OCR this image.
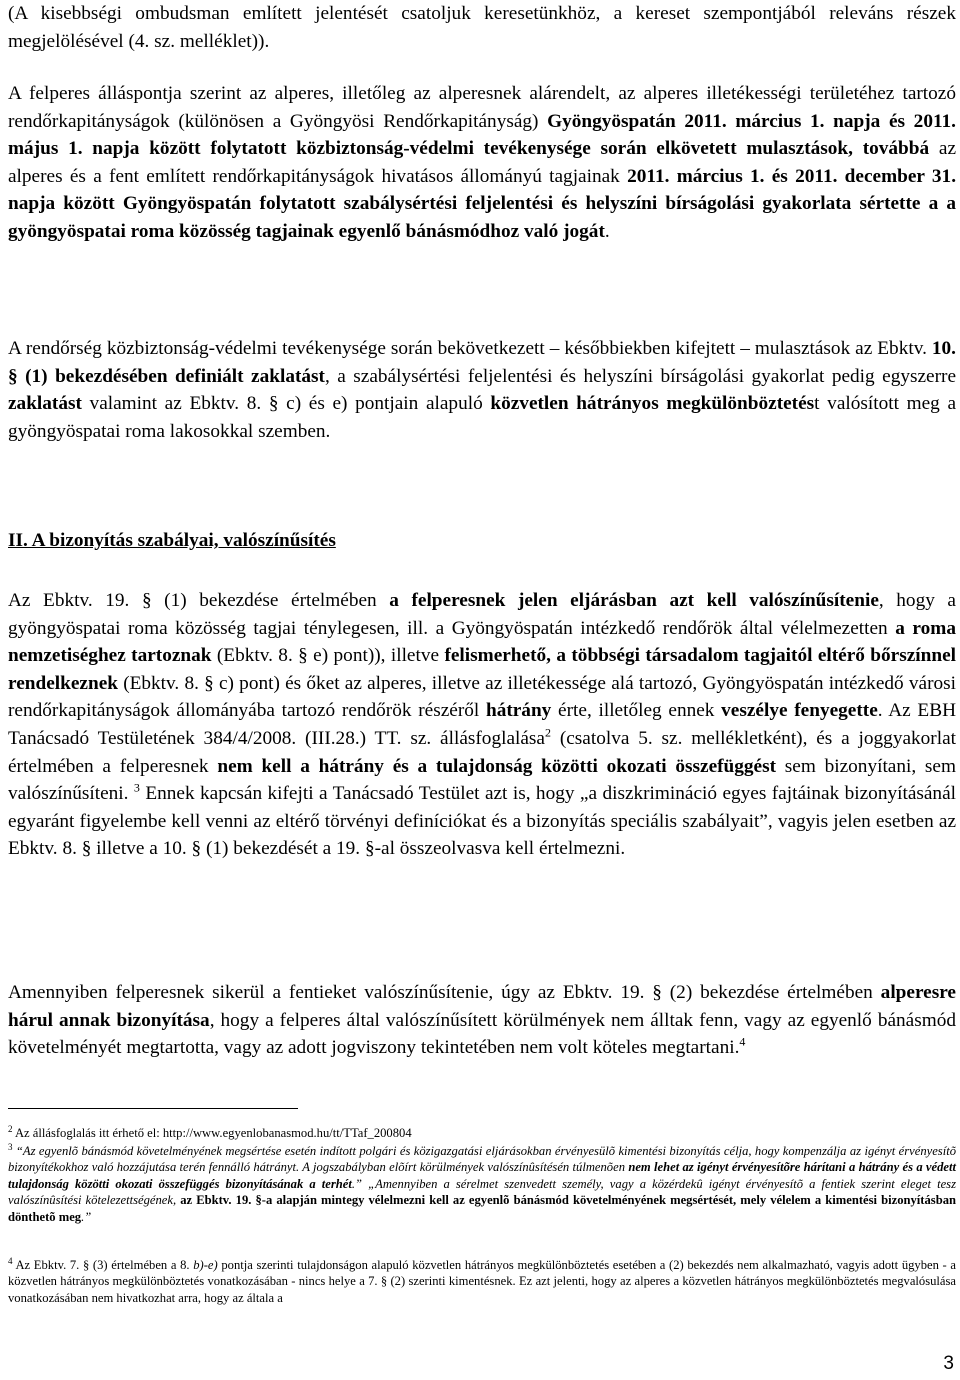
(A kisebbségi ombudsman említett jelentését csatoljuk keresetünkhöz, a kereset szempontjából releváns részek megjelölésével (4. sz. melléklet)).

A felperes álláspontja szerint az alperes, illetőleg az alperesnek alárendelt, az alperes illetékességi területéhez tartozó rendőrkapitányságok (különösen a Gyöngyösi Rendőrkapitányság) Gyöngyöspatán 2011. március 1. napja és 2011. május 1. napja között folytatott közbiztonság-védelmi tevékenysége során elkövetett mulasztások, továbbá az alperes és a fent említett rendőrkapitányságok hivatásos állományú tagjainak 2011. március 1. és 2011. december 31. napja között Gyöngyöspatán folytatott szabálysértési feljelentési és helyszíni bírságolási gyakorlata sértette a a gyöngyöspatai roma közösség tagjainak egyenlő bánásmódhoz való jogát.

A rendőrség közbiztonság-védelmi tevékenysége során bekövetkezett – későbbiekben kifejtett – mulasztások az Ebktv. 10. § (1) bekezdésében definiált zaklatást, a szabálysértési feljelentési és helyszíni bírságolási gyakorlat pedig egyszerre zaklatást valamint az Ebktv. 8. § c) és e) pontjain alapuló közvetlen hátrányos megkülönböztetést valósított meg a gyöngyöspatai roma lakosokkal szemben.

II. A bizonyítás szabályai, valószínűsítés

Az Ebktv. 19. § (1) bekezdése értelmében a felperesnek jelen eljárásban azt kell valószínűsítenie, hogy a gyöngyöspatai roma közösség tagjai ténylegesen, ill. a Gyöngyöspatán intézkedő rendőrök által vélelmezetten a roma nemzetiséghez tartoznak (Ebktv. 8. § e) pont)), illetve felismerhető, a többségi társadalom tagjaitól eltérő bőrszínnel rendelkeznek (Ebktv. 8. § c) pont) és őket az alperes, illetve az illetékessége alá tartozó, Gyöngyöspatán intézkedő városi rendőrkapitányságok állományába tartozó rendőrök részéről hátrány érte, illetőleg ennek veszélye fenyegette. Az EBH Tanácsadó Testületének 384/4/2008. (III.28.) TT. sz. állásfoglalása$^2$ (csatolva 5. sz. mellékletként), és a joggyakorlat értelmében a felperesnek nem kell a hátrány és a tulajdonság közötti okozati összefüggést sem bizonyítani, sem valószínűsíteni. $^3$ Ennek kapcsán kifejti a Tanácsadó Testület azt is, hogy „a diszkrimináció egyes fajtáinak bizonyításánál egyaránt figyelembe kell venni az eltérő törvényi definíciókat és a bizonyítás speciális szabályait”, vagyis jelen esetben az Ebktv. 8. § illetve a 10. § (1) bekezdését a 19. §-al összeolvasva kell értelmezni.

Amennyiben felperesnek sikerül a fentieket valószínűsítenie, úgy az Ebktv. 19. § (2) bekezdése értelmében alperesre hárul annak bizonyítása, hogy a felperes által valószínűsített körülmények nem álltak fenn, vagy az egyenlő bánásmód követelményét megtartotta, vagy az adott jogviszony tekintetében nem volt köteles megtartani.$^4$

$^2$ Az állásfoglalás itt érhető el: http://www.egyenlobanasmod.hu/tt/TTaf_200804

$^3$ “Az egyenlõ bánásmód követelményének megsértése esetén indított polgári és közigazgatási eljárásokban érvényesülõ kimentési bizonyítás célja, hogy kompenzálja az igényt érvényesítõ bizonyítékokhoz való hozzájutása terén fennálló hátrányt. A jogszabályban elõírt körülmények valószínûsítésén túlmenõen nem lehet az igényt érvényesítõre hárítani a hátrány és a védett tulajdonság közötti okozati összefüggés bizonyításának a terhét.” „Amennyiben a sérelmet szenvedett személy, vagy a közérdekû igényt érvényesítõ a fentiek szerint eleget tesz valószínûsítési kötelezettségének, az Ebktv. 19. §-a alapján mintegy vélelmezni kell az egyenlõ bánásmód követelményének megsértését, mely vélelem a kimentési bizonyításban dönthetõ meg.”

$^4$ Az Ebktv. 7. § (3) értelmében a 8. b)-e) pontja szerinti tulajdonságon alapuló közvetlen hátrányos megkülönböztetés esetében a (2) bekezdés nem alkalmazható, vagyis adott ügyben - a közvetlen hátrányos megkülönböztetés vonatkozásában - nincs helye a 7. § (2) szerinti kimentésnek. Ez azt jelenti, hogy az alperes a közvetlen hátrányos megkülönböztetés megvalósulása vonatkozásában nem hivatkozhat arra, hogy az általa a

3
